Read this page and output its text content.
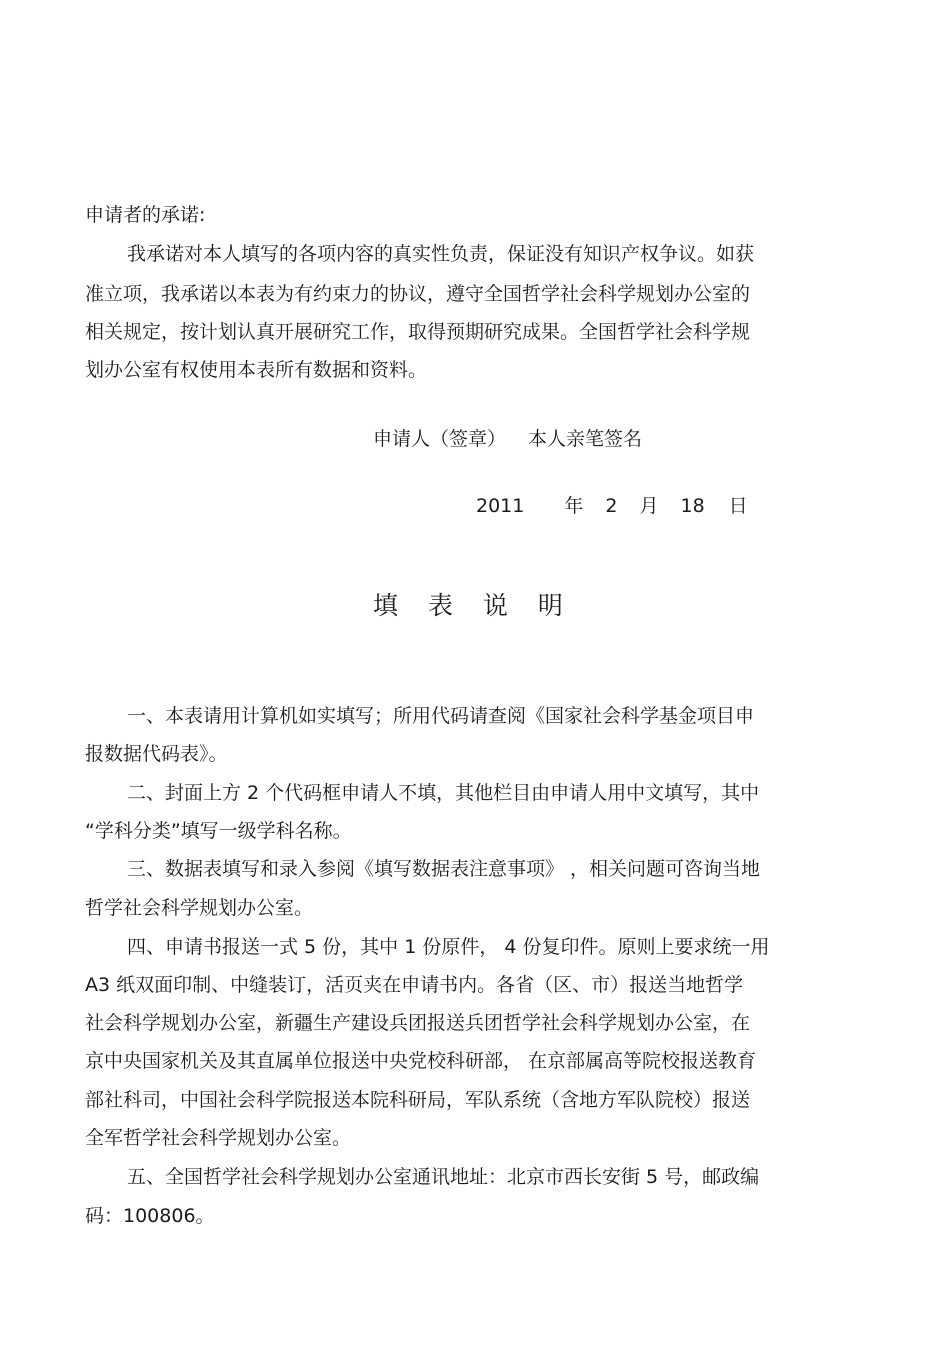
申请者的承诺:
我承诺对本人填写的各项内容的真实性负责，保证没有知识产权争议。如获
准立项，我承诺以本表为有约束力的协议，遵守全国哲学社会科学规划办公室的
相关规定，按计划认真开展研究工作，取得预期研究成果。全国哲学社会科学规
划办公室有权使用本表所有数据和资料。
申请人（签章） 本人亲笔签名
2011 年 2 月 18 日
填 表 说 明
一、本表请用计算机如实填写；所用代码请查阅《国家社会科学基金项目申
报数据代码表》。
二、封面上方 2 个代码框申请人不填，其他栏目由申请人用中文填写，其中
“学科分类”填写一级学科名称。
三、数据表填写和录入参阅《填写数据表注意事项》 ，相关问题可咨询当地
哲学社会科学规划办公室。
四、申请书报送一式 5 份，其中 1 份原件， 4 份复印件。原则上要求统一用
A3 纸双面印制、中缝装订，活页夹在申请书内。各省（区、市）报送当地哲学
社会科学规划办公室，新疆生产建设兵团报送兵团哲学社会科学规划办公室，在
京中央国家机关及其直属单位报送中央党校科研部， 在京部属高等院校报送教育
部社科司，中国社会科学院报送本院科研局，军队系统（含地方军队院校）报送
全军哲学社会科学规划办公室。
五、全国哲学社会科学规划办公室通讯地址：北京市西长安街 5 号，邮政编
码：100806。
